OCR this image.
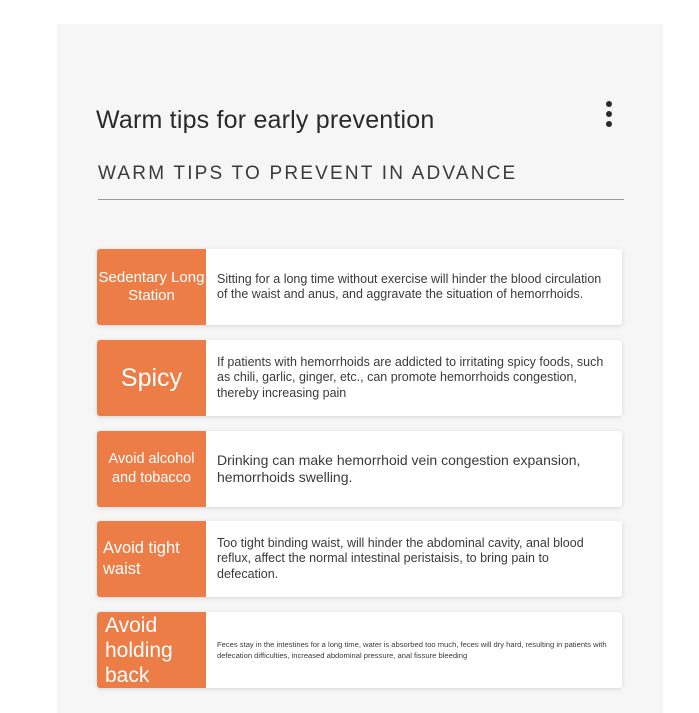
Warm tips for early prevention
WARM TIPS TO PREVENT IN ADVANCE
Sedentary Long Station
Sitting for a long time without exercise will hinder the blood circulation of the waist and anus, and aggravate the situation of hemorrhoids.
Spicy
If patients with hemorrhoids are addicted to irritating spicy foods, such as chili, garlic, ginger, etc., can promote hemorrhoids congestion, thereby increasing pain
Avoid alcohol and tobacco
Drinking can make hemorrhoid vein congestion expansion, hemorrhoids swelling.
Avoid tight waist
Too tight binding waist, will hinder the abdominal cavity, anal blood reflux, affect the normal intestinal peristaisis, to bring pain to defecation.
Avoid holding back
Feces stay in the intestines for a long time, water is absorbed too much, feces will dry hard, resulting in patients with defecation difficulties, increased abdominal pressure, anal fissure bleeding
